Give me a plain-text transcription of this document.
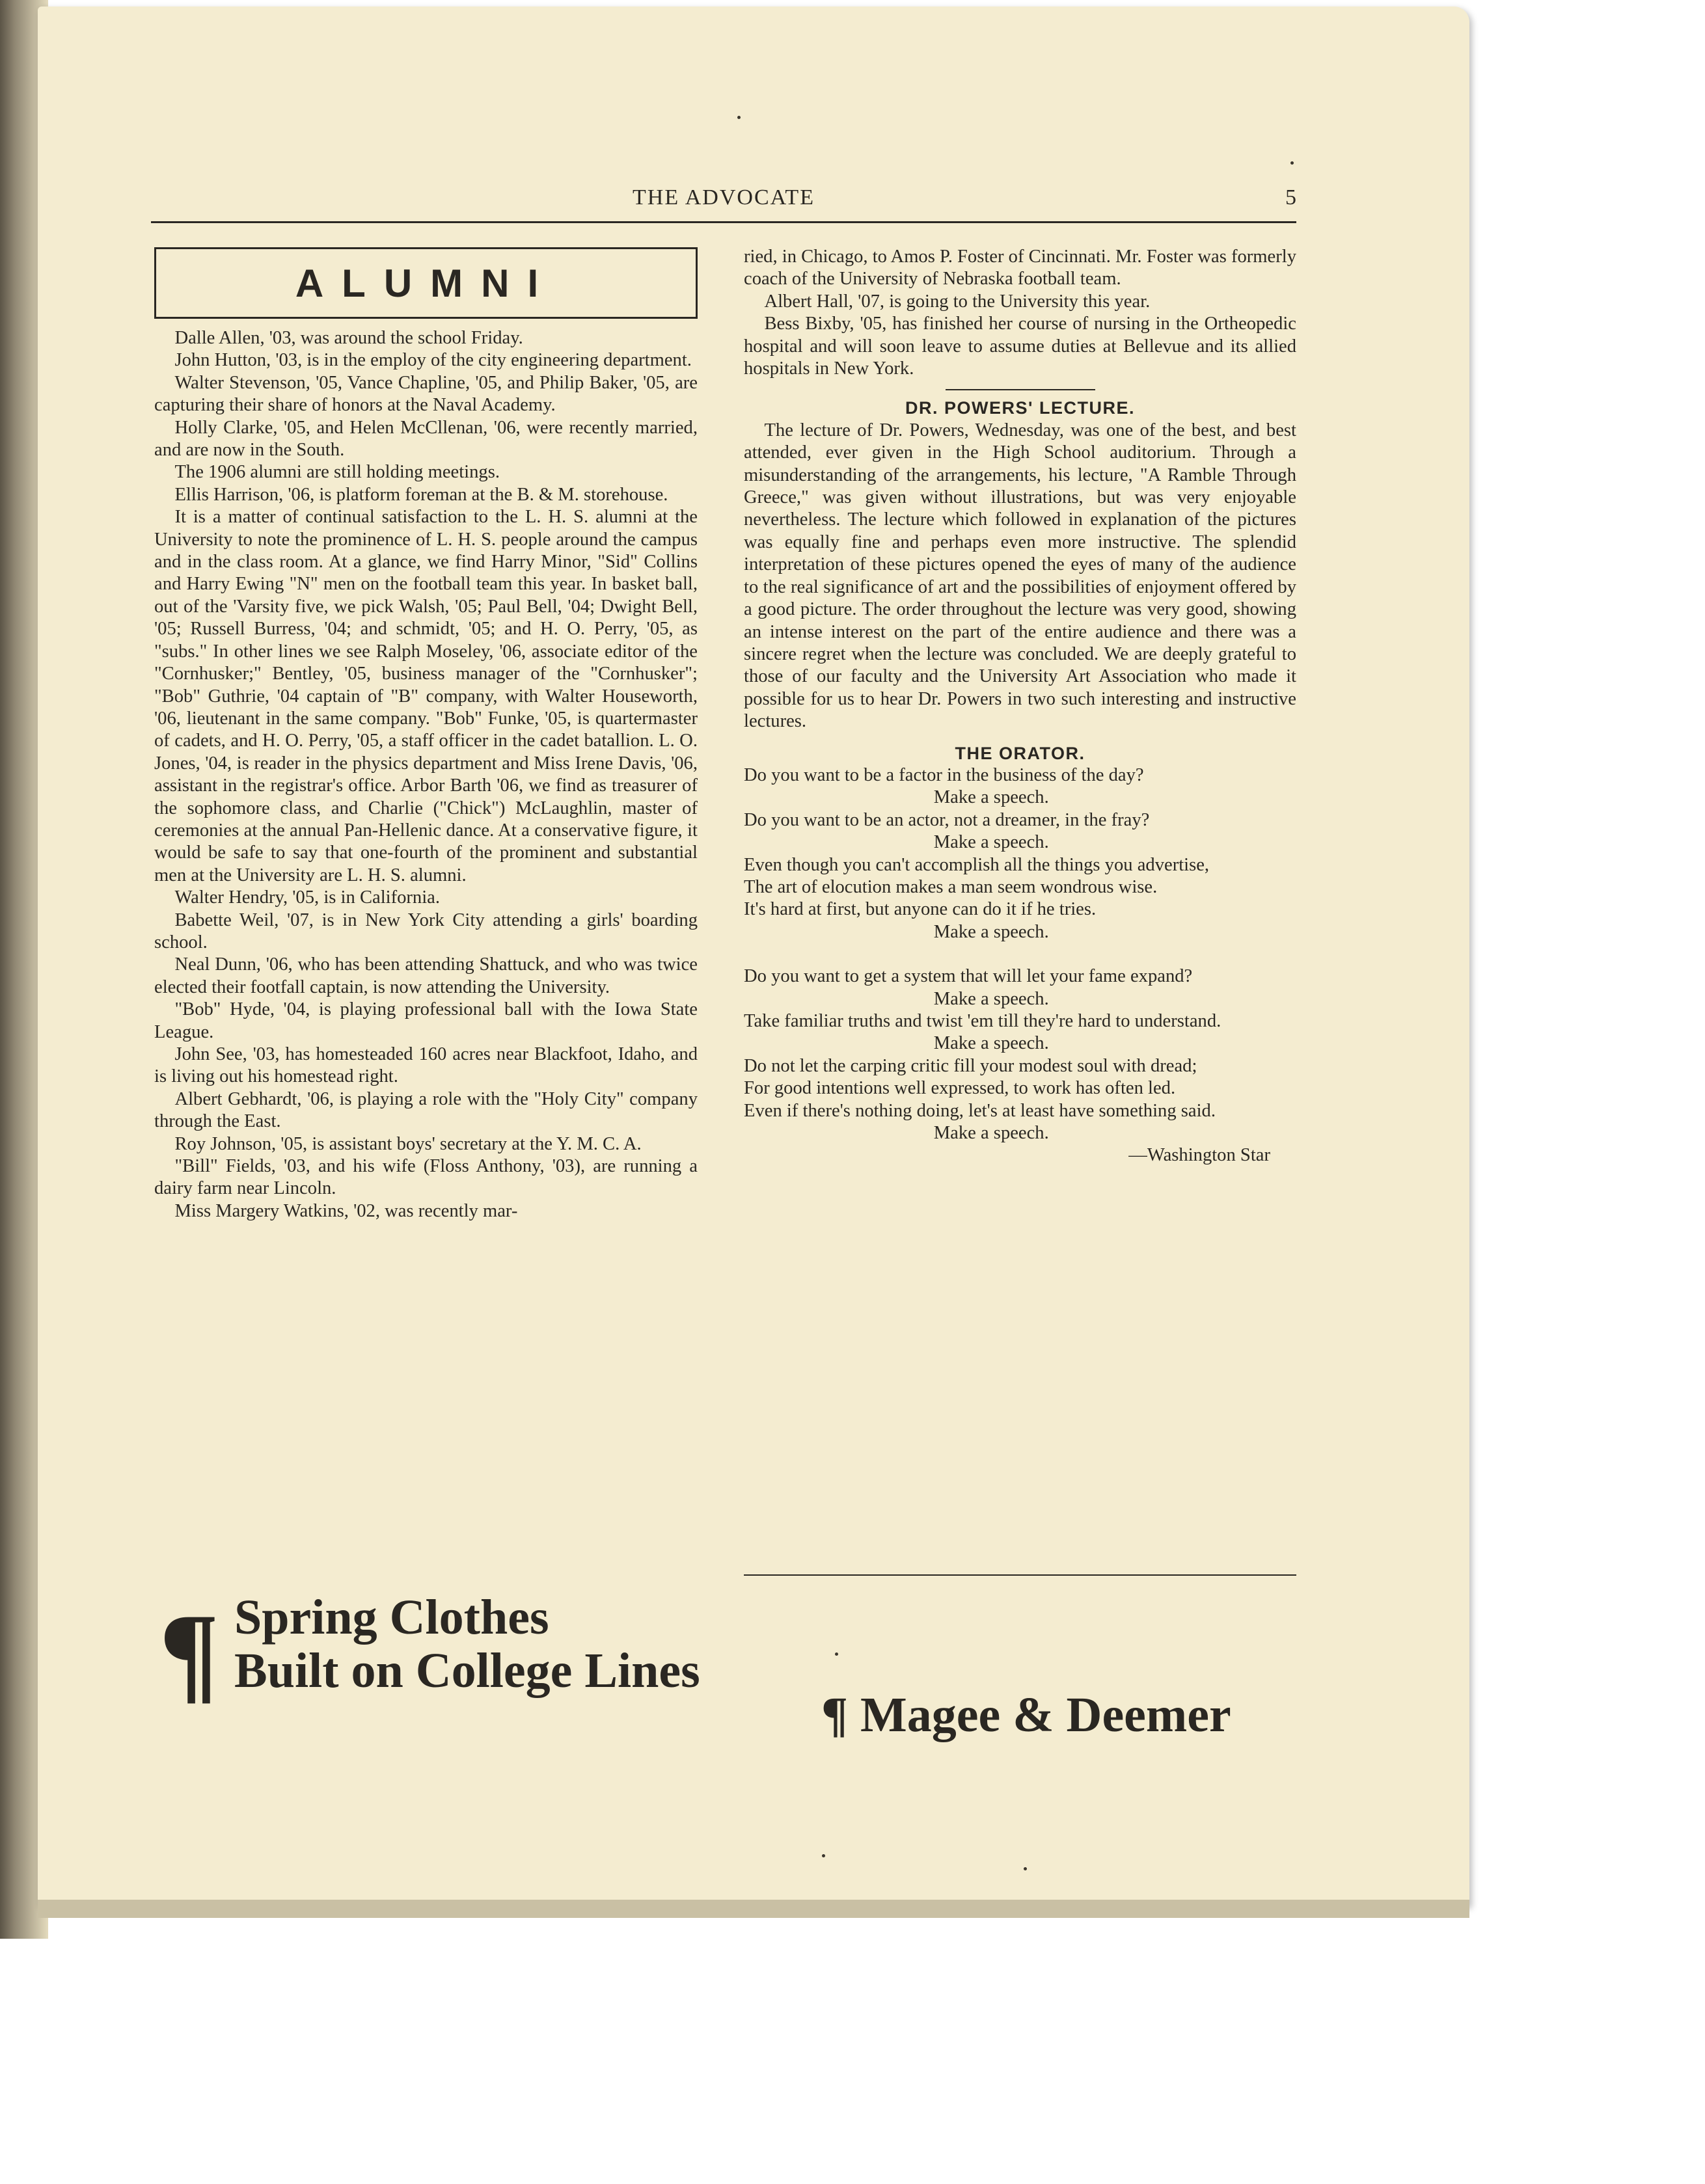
THE ADVOCATE	5
ALUMNI

Dalle Allen, '03, was around the school Friday.

John Hutton, '03, is in the employ of the city engineering department.

Walter Stevenson, '05, Vance Chapline, '05, and Philip Baker, '05, are capturing their share of honors at the Naval Academy.

Holly Clarke, '05, and Helen McCllenan, '06, were recently married, and are now in the South.

The 1906 alumni are still holding meetings.

Ellis Harrison, '06, is platform foreman at the B. & M. storehouse.

It is a matter of continual satisfaction to the L. H. S. alumni at the University to note the prominence of L. H. S. people around the campus and in the class room. At a glance, we find Harry Minor, "Sid" Collins and Harry Ewing "N" men on the football team this year. In basket ball, out of the 'Varsity five, we pick Walsh, '05; Paul Bell, '04; Dwight Bell, '05; Russell Burress, '04; and schmidt, '05; and H. O. Perry, '05, as "subs." In other lines we see Ralph Moseley, '06, associate editor of the "Cornhusker;" Bentley, '05, business manager of the "Cornhusker"; "Bob" Guthrie, '04 captain of "B" company, with Walter Houseworth, '06, lieutenant in the same company. "Bob" Funke, '05, is quartermaster of cadets, and H. O. Perry, '05, a staff officer in the cadet batallion. L. O. Jones, '04, is reader in the physics department and Miss Irene Davis, '06, assistant in the registrar's office. Arbor Barth '06, we find as treasurer of the sophomore class, and Charlie ("Chick") McLaughlin, master of ceremonies at the annual Pan-Hellenic dance. At a conservative figure, it would be safe to say that one-fourth of the prominent and substantial men at the University are L. H. S. alumni.

Walter Hendry, '05, is in California.

Babette Weil, '07, is in New York City attending a girls' boarding school.

Neal Dunn, '06, who has been attending Shattuck, and who was twice elected their footfall captain, is now attending the University.

"Bob" Hyde, '04, is playing professional ball with the Iowa State League.

John See, '03, has homesteaded 160 acres near Blackfoot, Idaho, and is living out his homestead right.

Albert Gebhardt, '06, is playing a role with the "Holy City" company through the East.

Roy Johnson, '05, is assistant boys' secretary at the Y. M. C. A.

"Bill" Fields, '03, and his wife (Floss Anthony, '03), are running a dairy farm near Lincoln.

Miss Margery Watkins, '02, was recently mar-

ried, in Chicago, to Amos P. Foster of Cincinnati. Mr. Foster was formerly coach of the University of Nebraska football team.

Albert Hall, '07, is going to the University this year.

Bess Bixby, '05, has finished her course of nursing in the Ortheopedic hospital and will soon leave to assume duties at Bellevue and its allied hospitals in New York.

DR. POWERS' LECTURE.

The lecture of Dr. Powers, Wednesday, was one of the best, and best attended, ever given in the High School auditorium. Through a misunderstanding of the arrangements, his lecture, "A Ramble Through Greece," was given without illustrations, but was very enjoyable nevertheless. The lecture which followed in explanation of the pictures was equally fine and perhaps even more instructive. The splendid interpretation of these pictures opened the eyes of many of the audience to the real significance of art and the possibilities of enjoyment offered by a good picture. The order throughout the lecture was very good, showing an intense interest on the part of the entire audience and there was a sincere regret when the lecture was concluded. We are deeply grateful to those of our faculty and the University Art Association who made it possible for us to hear Dr. Powers in two such interesting and instructive lectures.

THE ORATOR.

Do you want to be a factor in the business of the day?
Make a speech.
Do you want to be an actor, not a dreamer, in the fray?
Make a speech.
Even though you can't accomplish all the things you advertise,
The art of elocution makes a man seem wondrous wise.
It's hard at first, but anyone can do it if he tries.
Make a speech.
Do you want to get a system that will let your fame expand?
Make a speech.
Take familiar truths and twist 'em till they're hard to understand.
Make a speech.
Do not let the carping critic fill your modest soul with dread;
For good intentions well expressed, to work has often led.
Even if there's nothing doing, let's at least have something said.
Make a speech.
—Washington Star
¶ Spring Clothes
Built on College Lines
¶ Magee & Deemer
